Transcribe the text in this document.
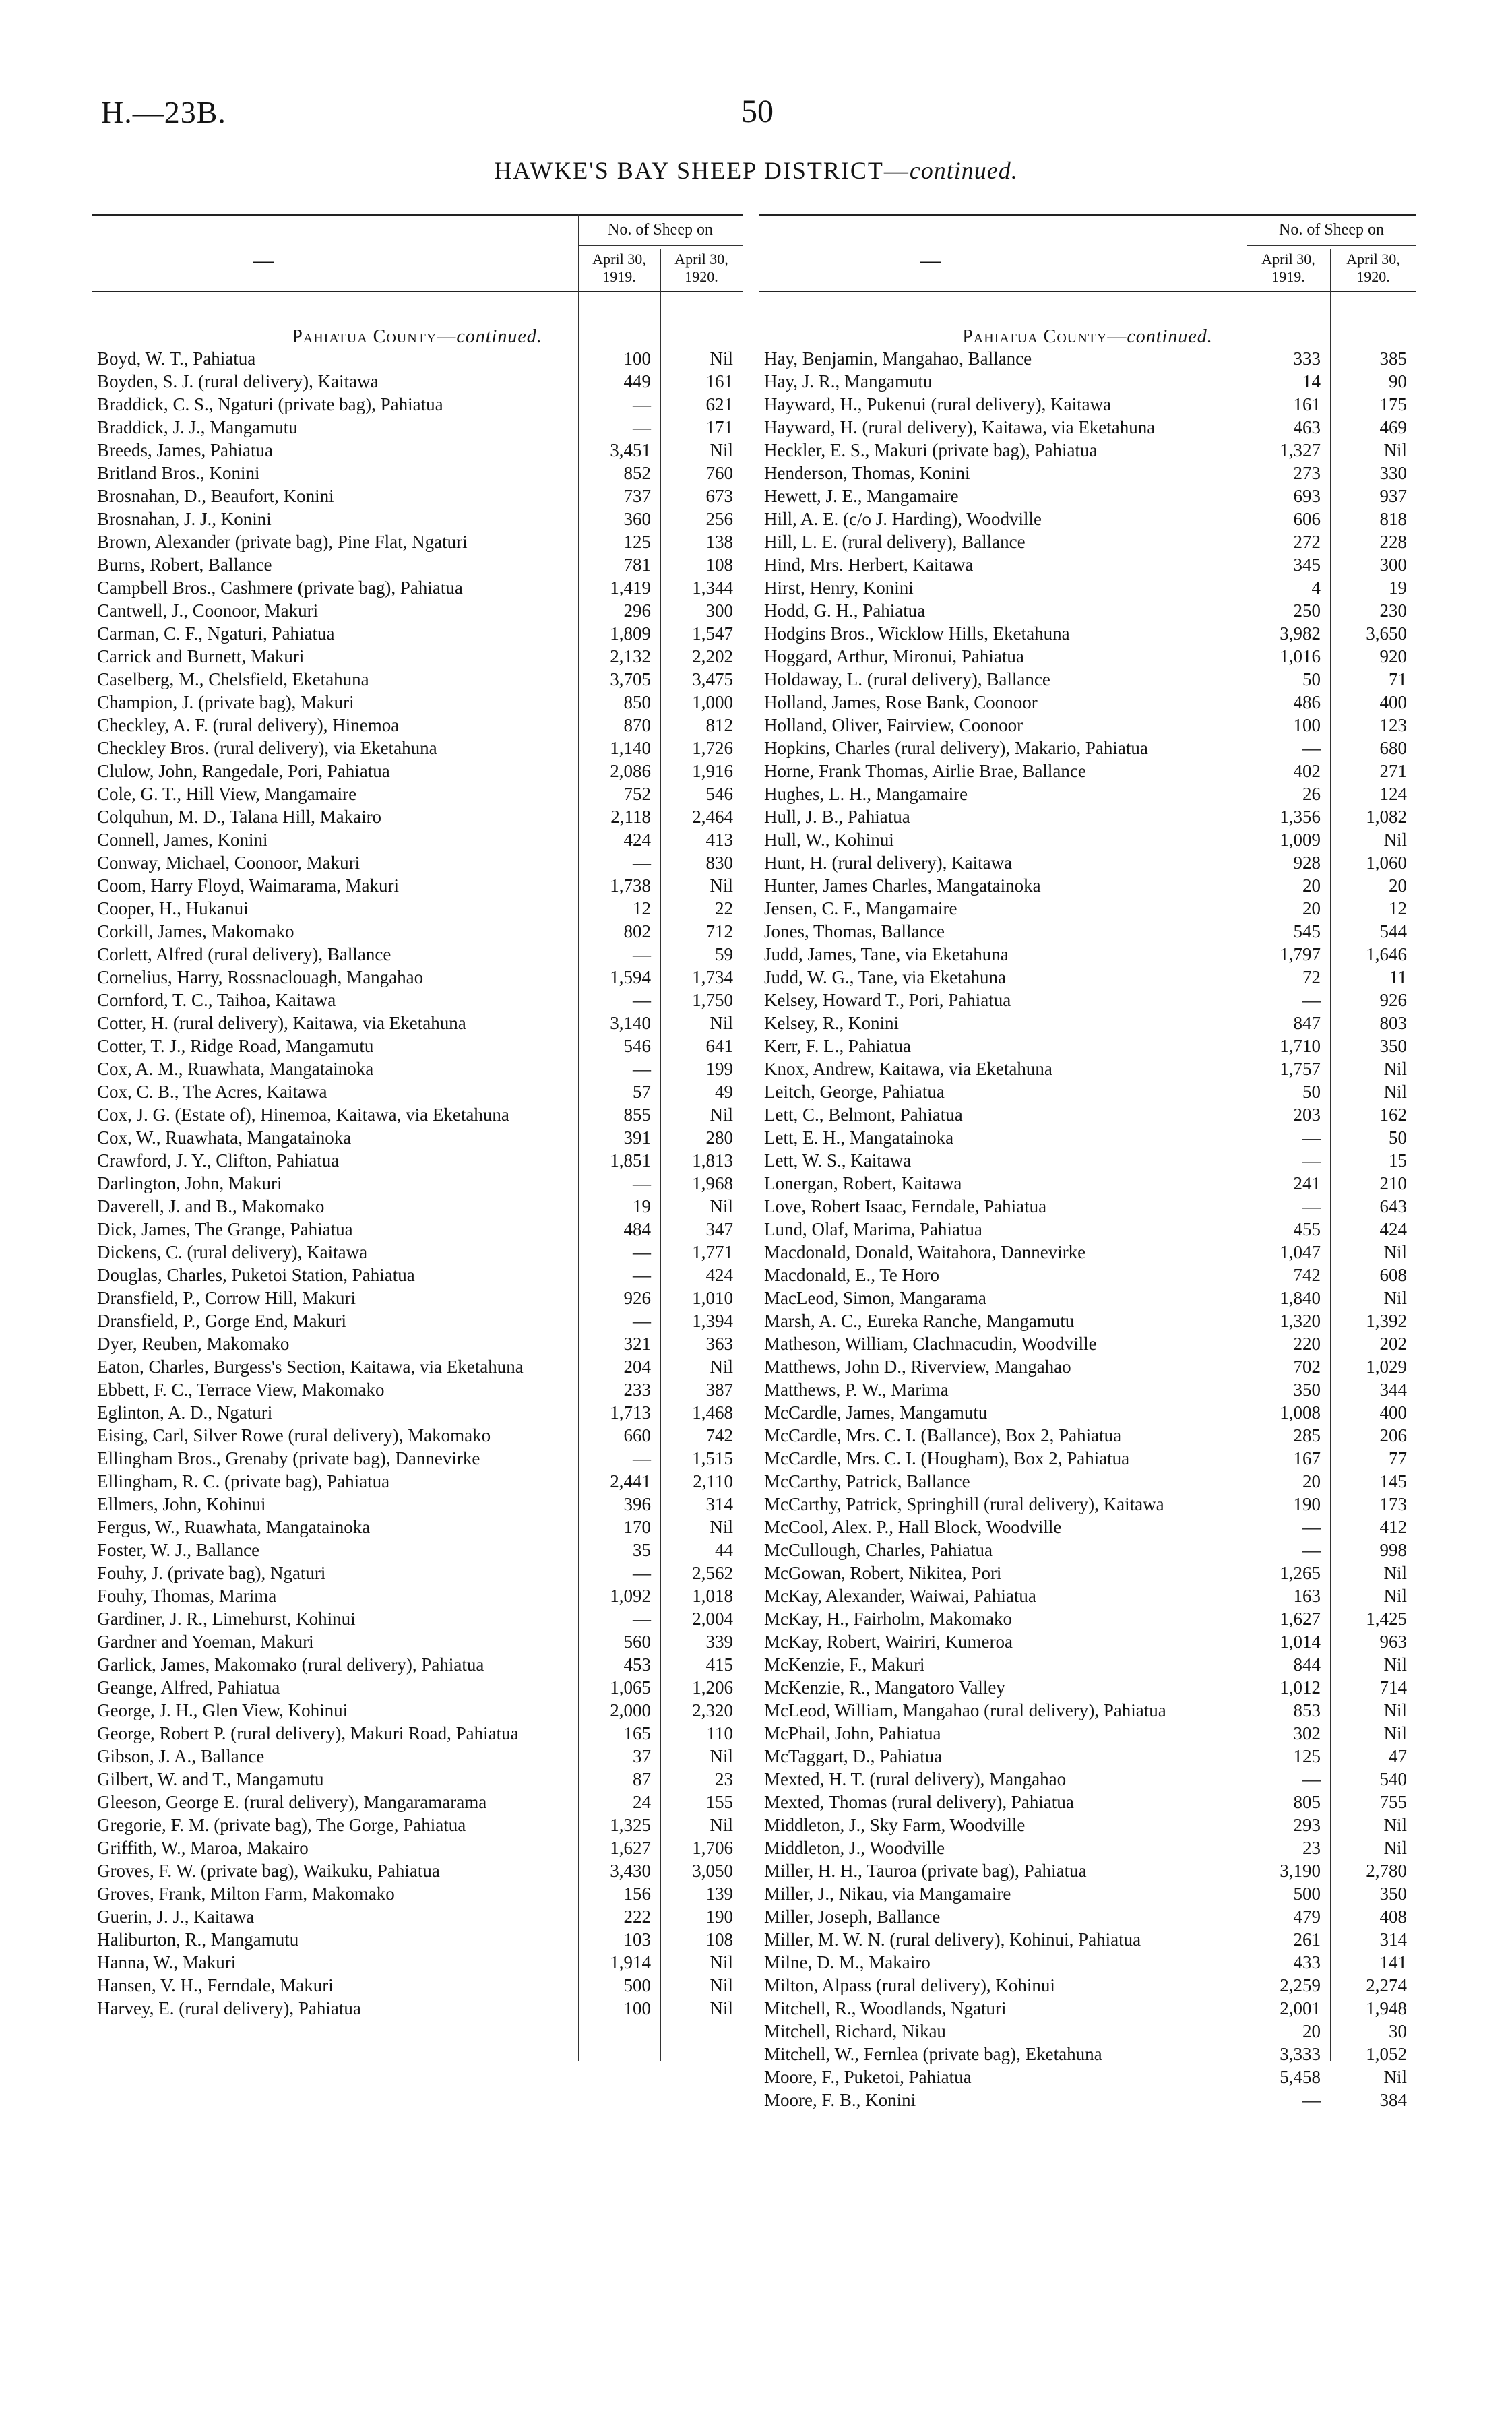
H.—23B.	50
HAWKE'S BAY SHEEP DISTRICT—continued.
—
No. of Sheep on
April 30,
1919.
April 30,
1920.
Pahiatua County—continued.
Boyd, W. T., Pahiatua	100	Nil
Boyden, S. J. (rural delivery), Kaitawa	449	161
Braddick, C. S., Ngaturi (private bag), Pahiatua	—	621
Braddick, J. J., Mangamutu	—	171
Breeds, James, Pahiatua	3,451	Nil
Britland Bros., Konini	852	760
Brosnahan, D., Beaufort, Konini	737	673
Brosnahan, J. J., Konini	360	256
Brown, Alexander (private bag), Pine Flat, Ngaturi	125	138
Burns, Robert, Ballance	781	108
Campbell Bros., Cashmere (private bag), Pahiatua	1,419	1,344
Cantwell, J., Coonoor, Makuri	296	300
Carman, C. F., Ngaturi, Pahiatua	1,809	1,547
Carrick and Burnett, Makuri	2,132	2,202
Caselberg, M., Chelsfield, Eketahuna	3,705	3,475
Champion, J. (private bag), Makuri	850	1,000
Checkley, A. F. (rural delivery), Hinemoa	870	812
Checkley Bros. (rural delivery), via Eketahuna	1,140	1,726
Clulow, John, Rangedale, Pori, Pahiatua	2,086	1,916
Cole, G. T., Hill View, Mangamaire	752	546
Colquhun, M. D., Talana Hill, Makairo	2,118	2,464
Connell, James, Konini	424	413
Conway, Michael, Coonoor, Makuri	—	830
Coom, Harry Floyd, Waimarama, Makuri	1,738	Nil
Cooper, H., Hukanui	12	22
Corkill, James, Makomako	802	712
Corlett, Alfred (rural delivery), Ballance	—	59
Cornelius, Harry, Rossnaclouagh, Mangahao	1,594	1,734
Cornford, T. C., Taihoa, Kaitawa	—	1,750
Cotter, H. (rural delivery), Kaitawa, via Eketahuna	3,140	Nil
Cotter, T. J., Ridge Road, Mangamutu	546	641
Cox, A. M., Ruawhata, Mangatainoka	—	199
Cox, C. B., The Acres, Kaitawa	57	49
Cox, J. G. (Estate of), Hinemoa, Kaitawa, via Eketahuna	855	Nil
Cox, W., Ruawhata, Mangatainoka	391	280
Crawford, J. Y., Clifton, Pahiatua	1,851	1,813
Darlington, John, Makuri	—	1,968
Daverell, J. and B., Makomako	19	Nil
Dick, James, The Grange, Pahiatua	484	347
Dickens, C. (rural delivery), Kaitawa	—	1,771
Douglas, Charles, Puketoi Station, Pahiatua	—	424
Dransfield, P., Corrow Hill, Makuri	926	1,010
Dransfield, P., Gorge End, Makuri	—	1,394
Dyer, Reuben, Makomako	321	363
Eaton, Charles, Burgess's Section, Kaitawa, via Eketahuna	204	Nil
Ebbett, F. C., Terrace View, Makomako	233	387
Eglinton, A. D., Ngaturi	1,713	1,468
Eising, Carl, Silver Rowe (rural delivery), Makomako	660	742
Ellingham Bros., Grenaby (private bag), Dannevirke	—	1,515
Ellingham, R. C. (private bag), Pahiatua	2,441	2,110
Ellmers, John, Kohinui	396	314
Fergus, W., Ruawhata, Mangatainoka	170	Nil
Foster, W. J., Ballance	35	44
Fouhy, J. (private bag), Ngaturi	—	2,562
Fouhy, Thomas, Marima	1,092	1,018
Gardiner, J. R., Limehurst, Kohinui	—	2,004
Gardner and Yoeman, Makuri	560	339
Garlick, James, Makomako (rural delivery), Pahiatua	453	415
Geange, Alfred, Pahiatua	1,065	1,206
George, J. H., Glen View, Kohinui	2,000	2,320
George, Robert P. (rural delivery), Makuri Road, Pahiatua	165	110
Gibson, J. A., Ballance	37	Nil
Gilbert, W. and T., Mangamutu	87	23
Gleeson, George E. (rural delivery), Mangaramarama	24	155
Gregorie, F. M. (private bag), The Gorge, Pahiatua	1,325	Nil
Griffith, W., Maroa, Makairo	1,627	1,706
Groves, F. W. (private bag), Waikuku, Pahiatua	3,430	3,050
Groves, Frank, Milton Farm, Makomako	156	139
Guerin, J. J., Kaitawa	222	190
Haliburton, R., Mangamutu	103	108
Hanna, W., Makuri	1,914	Nil
Hansen, V. H., Ferndale, Makuri	500	Nil
Harvey, E. (rural delivery), Pahiatua	100	Nil
—
No. of Sheep on
April 30,
1919.
April 30,
1920.
Pahiatua County—continued.
Hay, Benjamin, Mangahao, Ballance	333	385
Hay, J. R., Mangamutu	14	90
Hayward, H., Pukenui (rural delivery), Kaitawa	161	175
Hayward, H. (rural delivery), Kaitawa, via Eketahuna	463	469
Heckler, E. S., Makuri (private bag), Pahiatua	1,327	Nil
Henderson, Thomas, Konini	273	330
Hewett, J. E., Mangamaire	693	937
Hill, A. E. (c/o J. Harding), Woodville	606	818
Hill, L. E. (rural delivery), Ballance	272	228
Hind, Mrs. Herbert, Kaitawa	345	300
Hirst, Henry, Konini	4	19
Hodd, G. H., Pahiatua	250	230
Hodgins Bros., Wicklow Hills, Eketahuna	3,982	3,650
Hoggard, Arthur, Mironui, Pahiatua	1,016	920
Holdaway, L. (rural delivery), Ballance	50	71
Holland, James, Rose Bank, Coonoor	486	400
Holland, Oliver, Fairview, Coonoor	100	123
Hopkins, Charles (rural delivery), Makario, Pahiatua	—	680
Horne, Frank Thomas, Airlie Brae, Ballance	402	271
Hughes, L. H., Mangamaire	26	124
Hull, J. B., Pahiatua	1,356	1,082
Hull, W., Kohinui	1,009	Nil
Hunt, H. (rural delivery), Kaitawa	928	1,060
Hunter, James Charles, Mangatainoka	20	20
Jensen, C. F., Mangamaire	20	12
Jones, Thomas, Ballance	545	544
Judd, James, Tane, via Eketahuna	1,797	1,646
Judd, W. G., Tane, via Eketahuna	72	11
Kelsey, Howard T., Pori, Pahiatua	—	926
Kelsey, R., Konini	847	803
Kerr, F. L., Pahiatua	1,710	350
Knox, Andrew, Kaitawa, via Eketahuna	1,757	Nil
Leitch, George, Pahiatua	50	Nil
Lett, C., Belmont, Pahiatua	203	162
Lett, E. H., Mangatainoka	—	50
Lett, W. S., Kaitawa	—	15
Lonergan, Robert, Kaitawa	241	210
Love, Robert Isaac, Ferndale, Pahiatua	—	643
Lund, Olaf, Marima, Pahiatua	455	424
Macdonald, Donald, Waitahora, Dannevirke	1,047	Nil
Macdonald, E., Te Horo	742	608
MacLeod, Simon, Mangarama	1,840	Nil
Marsh, A. C., Eureka Ranche, Mangamutu	1,320	1,392
Matheson, William, Clachnacudin, Woodville	220	202
Matthews, John D., Riverview, Mangahao	702	1,029
Matthews, P. W., Marima	350	344
McCardle, James, Mangamutu	1,008	400
McCardle, Mrs. C. I. (Ballance), Box 2, Pahiatua	285	206
McCardle, Mrs. C. I. (Hougham), Box 2, Pahiatua	167	77
McCarthy, Patrick, Ballance	20	145
McCarthy, Patrick, Springhill (rural delivery), Kaitawa	190	173
McCool, Alex. P., Hall Block, Woodville	—	412
McCullough, Charles, Pahiatua	—	998
McGowan, Robert, Nikitea, Pori	1,265	Nil
McKay, Alexander, Waiwai, Pahiatua	163	Nil
McKay, H., Fairholm, Makomako	1,627	1,425
McKay, Robert, Wairiri, Kumeroa	1,014	963
McKenzie, F., Makuri	844	Nil
McKenzie, R., Mangatoro Valley	1,012	714
McLeod, William, Mangahao (rural delivery), Pahiatua	853	Nil
McPhail, John, Pahiatua	302	Nil
McTaggart, D., Pahiatua	125	47
Mexted, H. T. (rural delivery), Mangahao	—	540
Mexted, Thomas (rural delivery), Pahiatua	805	755
Middleton, J., Sky Farm, Woodville	293	Nil
Middleton, J., Woodville	23	Nil
Miller, H. H., Tauroa (private bag), Pahiatua	3,190	2,780
Miller, J., Nikau, via Mangamaire	500	350
Miller, Joseph, Ballance	479	408
Miller, M. W. N. (rural delivery), Kohinui, Pahiatua	261	314
Milne, D. M., Makairo	433	141
Milton, Alpass (rural delivery), Kohinui	2,259	2,274
Mitchell, R., Woodlands, Ngaturi	2,001	1,948
Mitchell, Richard, Nikau	20	30
Mitchell, W., Fernlea (private bag), Eketahuna	3,333	1,052
Moore, F., Puketoi, Pahiatua	5,458	Nil
Moore, F. B., Konini	—	384
